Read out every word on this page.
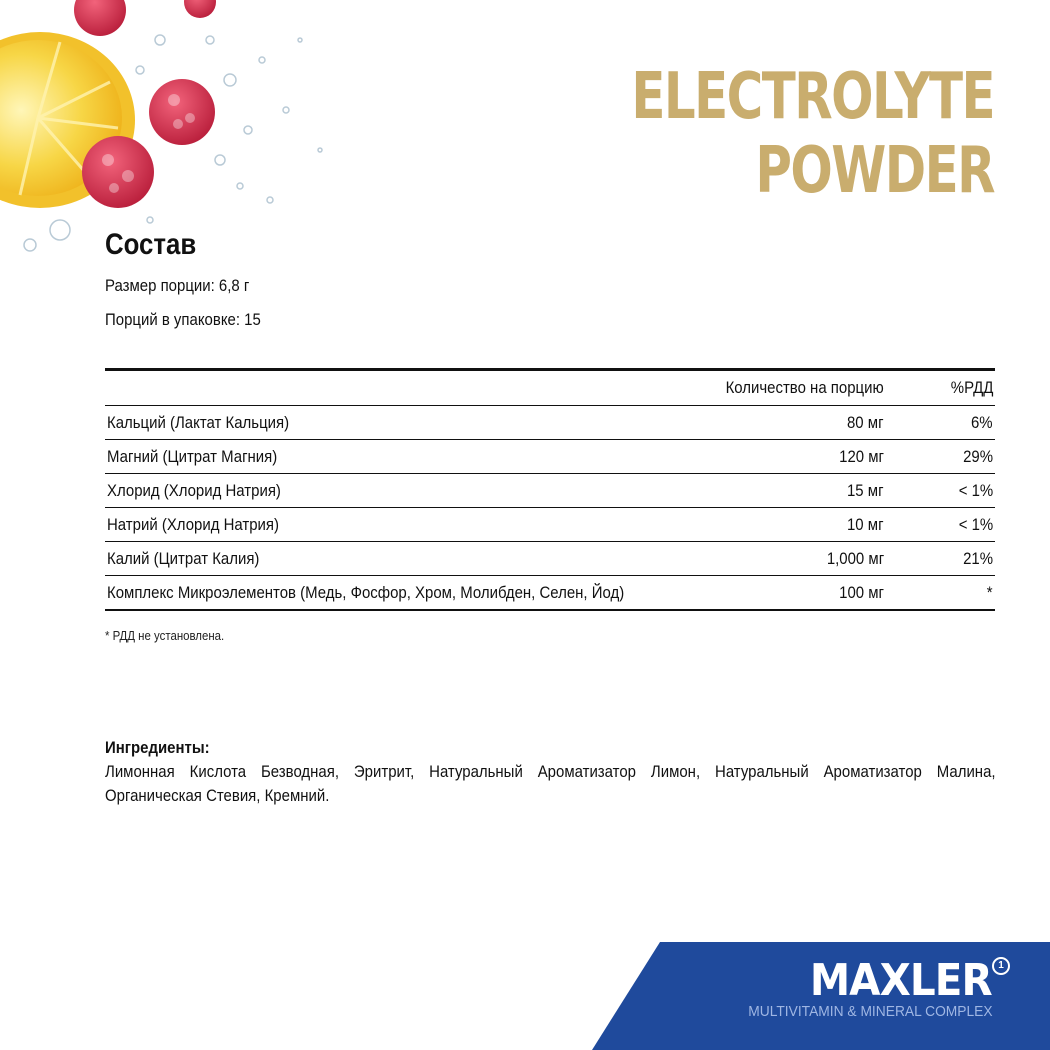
ELECTROLYTE
POWDER
Состав
Размер порции: 6,8 г
Порций в упаковке: 15
	Количество на порцию	%РДД
Кальций (Лактат Кальция)	80 мг	6%
Магний (Цитрат Магния)	120 мг	29%
Хлорид (Хлорид Натрия)	15 мг	< 1%
Натрий (Хлорид Натрия)	10 мг	< 1%
Калий (Цитрат Калия)	1,000 мг	21%
Комплекс Микроэлементов (Медь, Фосфор, Хром, Молибден, Селен, Йод)	100 мг	*
* РДД не установлена.
Ингредиенты:
Лимонная Кислота Безводная, Эритрит, Натуральный Ароматизатор Лимон, Натуральный Ароматизатор Малина, Органическая Стевия, Кремний.
MAXLER 1
MULTIVITAMIN & MINERAL COMPLEX
